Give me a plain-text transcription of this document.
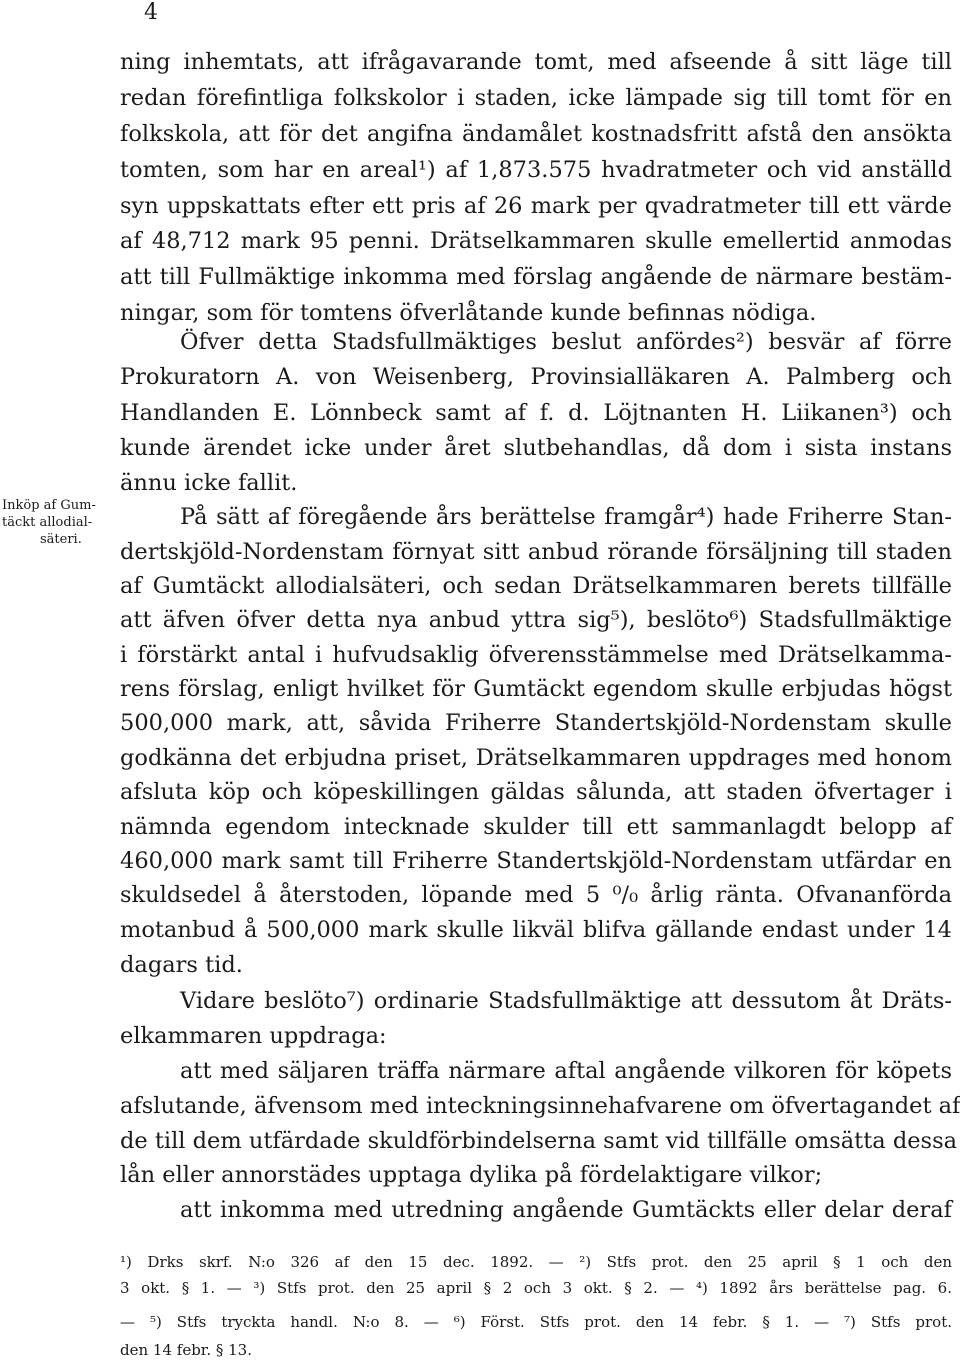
4
Inköp af Gum-
täckt allodial-
säteri.
ning inhemtats, att ifrågavarande tomt, med afseende å sitt läge till
redan förefintliga folkskolor i staden, icke lämpade sig till tomt för en
folkskola, att för det angifna ändamålet kostnadsfritt afstå den ansökta
tomten, som har en areal¹) af 1,873.575 hvadratmeter och vid anställd
syn uppskattats efter ett pris af 26 mark per qvadratmeter till ett värde
af 48,712 mark 95 penni. Drätselkammaren skulle emellertid anmodas
att till Fullmäktige inkomma med förslag angående de närmare bestäm-
ningar, som för tomtens öfverlåtande kunde befinnas nödiga.
Öfver detta Stadsfullmäktiges beslut anfördes²) besvär af förre
Prokuratorn A. von Weisenberg, Provinsialläkaren A. Palmberg och
Handlanden E. Lönnbeck samt af f. d. Löjtnanten H. Liikanen³) och
kunde ärendet icke under året slutbehandlas, då dom i sista instans
ännu icke fallit.
På sätt af föregående års berättelse framgår⁴) hade Friherre Stan-
dertskjöld-Nordenstam förnyat sitt anbud rörande försäljning till staden
af Gumtäckt allodialsäteri, och sedan Drätselkammaren berets tillfälle
att äfven öfver detta nya anbud yttra sig⁵), beslöto⁶) Stadsfullmäktige
i förstärkt antal i hufvudsaklig öfverensstämmelse med Drätselkamma-
rens förslag, enligt hvilket för Gumtäckt egendom skulle erbjudas högst
500,000 mark, att, såvida Friherre Standertskjöld-Nordenstam skulle
godkänna det erbjudna priset, Drätselkammaren uppdrages med honom
afsluta köp och köpeskillingen gäldas sålunda, att staden öfvertager i
nämnda egendom intecknade skulder till ett sammanlagdt belopp af
460,000 mark samt till Friherre Standertskjöld-Nordenstam utfärdar en
skuldsedel å återstoden, löpande med 5 ⁰/₀ årlig ränta. Ofvananförda
motanbud å 500,000 mark skulle likväl blifva gällande endast under 14
dagars tid.
Vidare beslöto⁷) ordinarie Stadsfullmäktige att dessutom åt Dräts-
elkammaren uppdraga:
att med säljaren träffa närmare aftal angående vilkoren för köpets
afslutande, äfvensom med inteckningsinnehafvarene om öfvertagandet af
de till dem utfärdade skuldförbindelserna samt vid tillfälle omsätta dessa
lån eller annorstädes upptaga dylika på fördelaktigare vilkor;
att inkomma med utredning angående Gumtäckts eller delar deraf
¹) Drks skrf. N:o 326 af den 15 dec. 1892. — ²) Stfs prot. den 25 april § 1 och den
3 okt. § 1. — ³) Stfs prot. den 25 april § 2 och 3 okt. § 2. — ⁴) 1892 års berättelse pag. 6.
— ⁵) Stfs tryckta handl. N:o 8. — ⁶) Först. Stfs prot. den 14 febr. § 1. — ⁷) Stfs prot.
den 14 febr. § 13.
